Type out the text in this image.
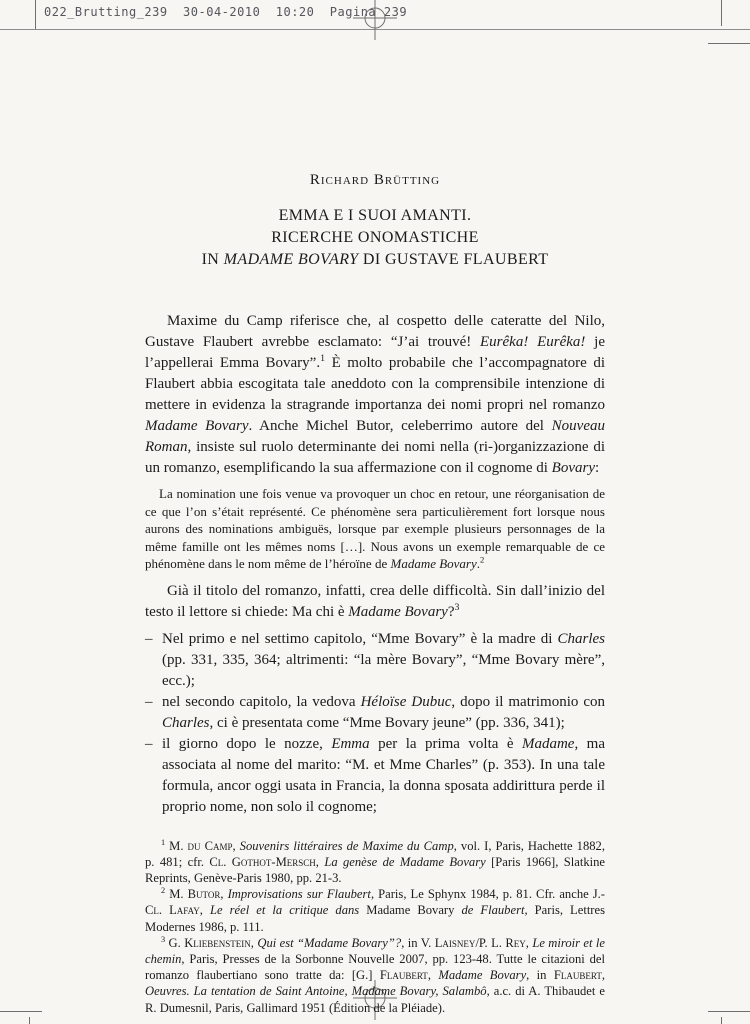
022_Brutting_239  30-04-2010  10:20  Pagina 239
Richard Brütting
EMMA E I SUOI AMANTI.
RICERCHE ONOMASTICHE
IN MADAME BOVARY DI GUSTAVE FLAUBERT

Maxime du Camp riferisce che, al cospetto delle cateratte del Nilo, Gustave Flaubert avrebbe esclamato: “J’ai trouvé! Eurêka! Eurêka! je l’appellerai Emma Bovary”.$^1$ È molto probabile che l’accompagnatore di Flaubert abbia escogitata tale aneddoto con la comprensibile intenzione di mettere in evidenza la stragrande importanza dei nomi propri nel romanzo Madame Bovary. Anche Michel Butor, celeberrimo autore del Nouveau Roman, insiste sul ruolo determinante dei nomi nella (ri-)organizzazione di un romanzo, esemplificando la sua affermazione con il cognome di Bovary:

La nomination une fois venue va provoquer un choc en retour, une réorganisation de ce que l’on s’était représenté. Ce phénomène sera particulièrement fort lorsque nous aurons des nominations ambiguës, lorsque par exemple plusieurs personnages de la même famille ont les mêmes noms […]. Nous avons un exemple remarquable de ce phénomène dans le nom même de l’héroïne de Madame Bovary.$^2$

Già il titolo del romanzo, infatti, crea delle difficoltà. Sin dall’inizio del testo il lettore si chiede: Ma chi è Madame Bovary?$^3$

– Nel primo e nel settimo capitolo, “Mme Bovary” è la madre di Charles (pp. 331, 335, 364; altrimenti: “la mère Bovary”, “Mme Bovary mère”, ecc.);
– nel secondo capitolo, la vedova Héloïse Dubuc, dopo il matrimonio con Charles, ci è presentata come “Mme Bovary jeune” (pp. 336, 341);
– il giorno dopo le nozze, Emma per la prima volta è Madame, ma associata al nome del marito: “M. et Mme Charles” (p. 353). In una tale formula, ancor oggi usata in Francia, la donna sposata addirittura perde il proprio nome, non solo il cognome;

$^1$ M. du Camp, Souvenirs littéraires de Maxime du Camp, vol. I, Paris, Hachette 1882, p. 481; cfr. Cl. Gothot-Mersch, La genèse de Madame Bovary [Paris 1966], Slatkine Reprints, Genève-Paris 1980, pp. 21-3.

$^2$ M. Butor, Improvisations sur Flaubert, Paris, Le Sphynx 1984, p. 81. Cfr. anche J.-Cl. Lafay, Le réel et la critique dans Madame Bovary de Flaubert, Paris, Lettres Modernes 1986, p. 111.

$^3$ G. Kliebenstein, Qui est “Madame Bovary”?, in V. Laisney/P. L. Rey, Le miroir et le chemin, Paris, Presses de la Sorbonne Nouvelle 2007, pp. 123-48. Tutte le citazioni del romanzo flaubertiano sono tratte da: [G.] Flaubert, Madame Bovary, in Flaubert, Oeuvres. La tentation de Saint Antoine, Madame Bovary, Salambô, a.c. di A. Thibaudet e R. Dumesnil, Paris, Gallimard 1951 (Édition de la Pléiade).
